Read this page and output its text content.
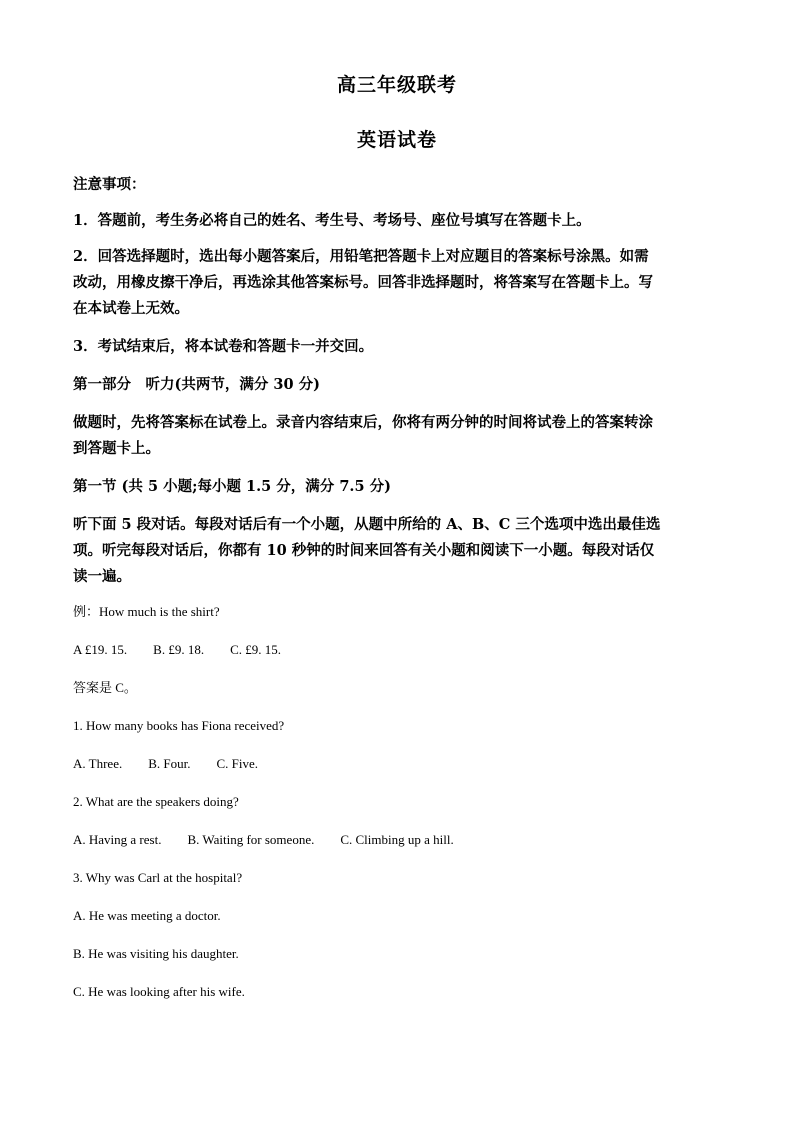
高三年级联考
英语试卷
注意事项：
1．答题前，考生务必将自己的姓名、考生号、考场号、座位号填写在答题卡上。
2．回答选择题时，选出每小题答案后，用铅笔把答题卡上对应题目的答案标号涂黑。如需
改动，用橡皮擦干净后，再选涂其他答案标号。回答非选择题时，将答案写在答题卡上。写
在本试卷上无效。
3．考试结束后，将本试卷和答题卡一并交回。
第一部分　听力(共两节，满分 30 分)
做题时，先将答案标在试卷上。录音内容结束后，你将有两分钟的时间将试卷上的答案转涂
到答题卡上。
第一节 (共 5 小题;每小题 1.5 分，满分 7.5 分)
听下面 5 段对话。每段对话后有一个小题，从题中所给的 A、B、C 三个选项中选出最佳选
项。听完每段对话后，你都有 10 秒钟的时间来回答有关小题和阅读下一小题。每段对话仅
读一遍。
例：How much is the shirt?
A £19. 15.　　B. £9. 18.　　C. £9. 15.
答案是 C。
1. How many books has Fiona received?
A. Three.　　B. Four.　　C. Five.
2. What are the speakers doing?
A. Having a rest.　　B. Waiting for someone.　　C. Climbing up a hill.
3. Why was Carl at the hospital?
A. He was meeting a doctor.
B. He was visiting his daughter.
C. He was looking after his wife.
